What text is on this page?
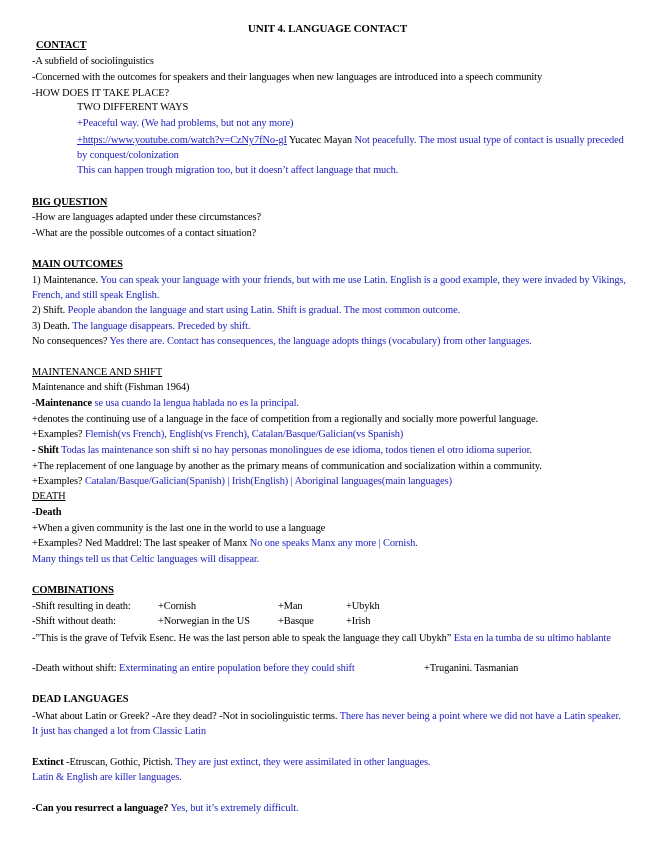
UNIT 4. LANGUAGE CONTACT
CONTACT
-A subfield of sociolinguistics
-Concerned with the outcomes for speakers and their languages when new languages are introduced into a speech community
-HOW DOES IT TAKE PLACE?
TWO DIFFERENT WAYS
+Peaceful way. (We had problems, but not any more)
+https://www.youtube.com/watch?v=CzNy7fNo-gI Yucatec Mayan Not peacefully. The most usual type of contact is usually preceded by conquest/colonization
This can happen trough migration too, but it doesn’t affect language that much.
BIG QUESTION
-How are languages adapted under these circumstances?
-What are the possible outcomes of a contact situation?
MAIN OUTCOMES
1) Maintenance. You can speak your language with your friends, but with me use Latin. English is a good example, they were invaded by Vikings, French, and still speak English.
2) Shift. People abandon the language and start using Latin. Shift is gradual. The most common outcome.
3) Death. The language disappears. Preceded by shift.
No consequences? Yes there are. Contact has consequences, the language adopts things (vocabulary) from other languages.
MAINTENANCE AND SHIFT
Maintenance and shift (Fishman 1964)
-Maintenance se usa cuando la lengua hablada no es la principal.
+denotes the continuing use of a language in the face of competition from a regionally and socially more powerful language.
+Examples? Flemish(vs French), English(vs French), Catalan/Basque/Galician(vs Spanish)
- Shift Todas las maintenance son shift si no hay personas monolingues de ese idioma, todos tienen el otro idioma superior.
+The replacement of one language by another as the primary means of communication and socialization within a community.
+Examples? Catalan/Basque/Galician(Spanish) | Irish(English) | Aboriginal languages(main languages)
DEATH
-Death
+When a given community is the last one in the world to use a language
+Examples? Ned Maddrel: The last speaker of Manx No one speaks Manx any more | Cornish.
Many things tell us that Celtic languages will disappear.
COMBINATIONS
-Shift resulting in death:	+Cornish	+Man	+Ubykh
-Shift without death:	+Norwegian in the US	+Basque	+Irish
-”This is the grave of Tefvik Esenc. He was the last person able to speak the language they call Ubykh” Esta en la tumba de su ultimo hablante
-Death without shift: Exterminating an entire population before they could shift	+Truganini. Tasmanian
DEAD LANGUAGES
-What about Latin or Greek? -Are they dead? -Not in sociolinguistic terms. There has never being a point where we did not have a Latin speaker. It just has changed a lot from Classic Latin
Extinct -Etruscan, Gothic, Pictish. They are just extinct, they were assimilated in other languages.
Latin & English are killer languages.
-Can you resurrect a language? Yes, but it’s extremely difficult.
